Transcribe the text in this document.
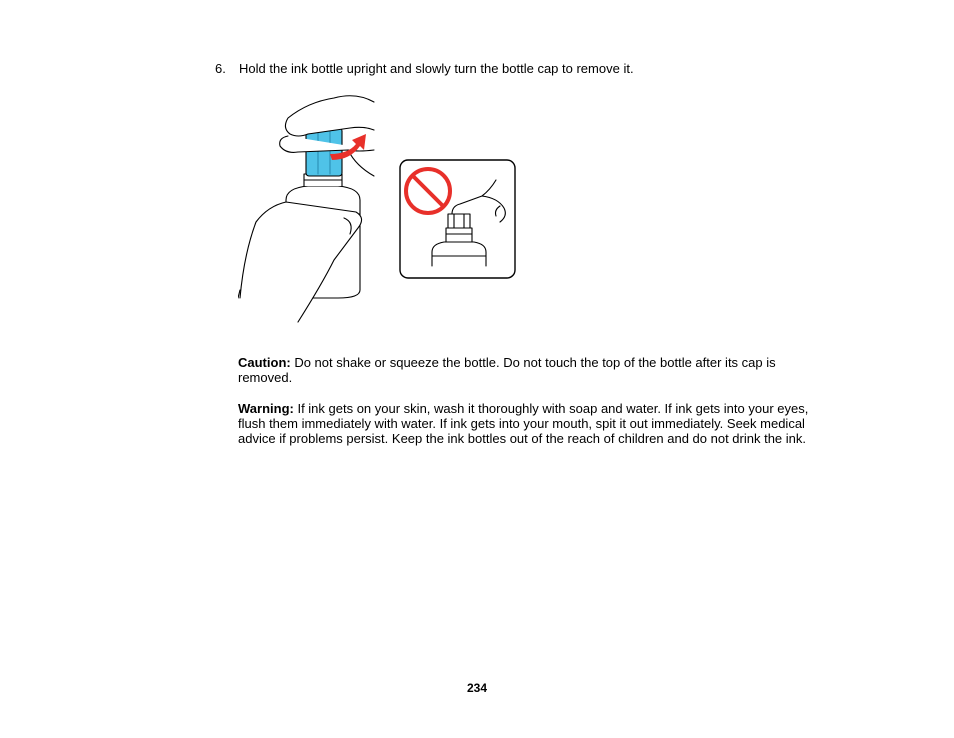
6.	Hold the ink bottle upright and slowly turn the bottle cap to remove it.
Caution: Do not shake or squeeze the bottle. Do not touch the top of the bottle after its cap is removed.
Warning: If ink gets on your skin, wash it thoroughly with soap and water. If ink gets into your eyes, flush them immediately with water. If ink gets into your mouth, spit it out immediately. Seek medical advice if problems persist. Keep the ink bottles out of the reach of children and do not drink the ink.
234
